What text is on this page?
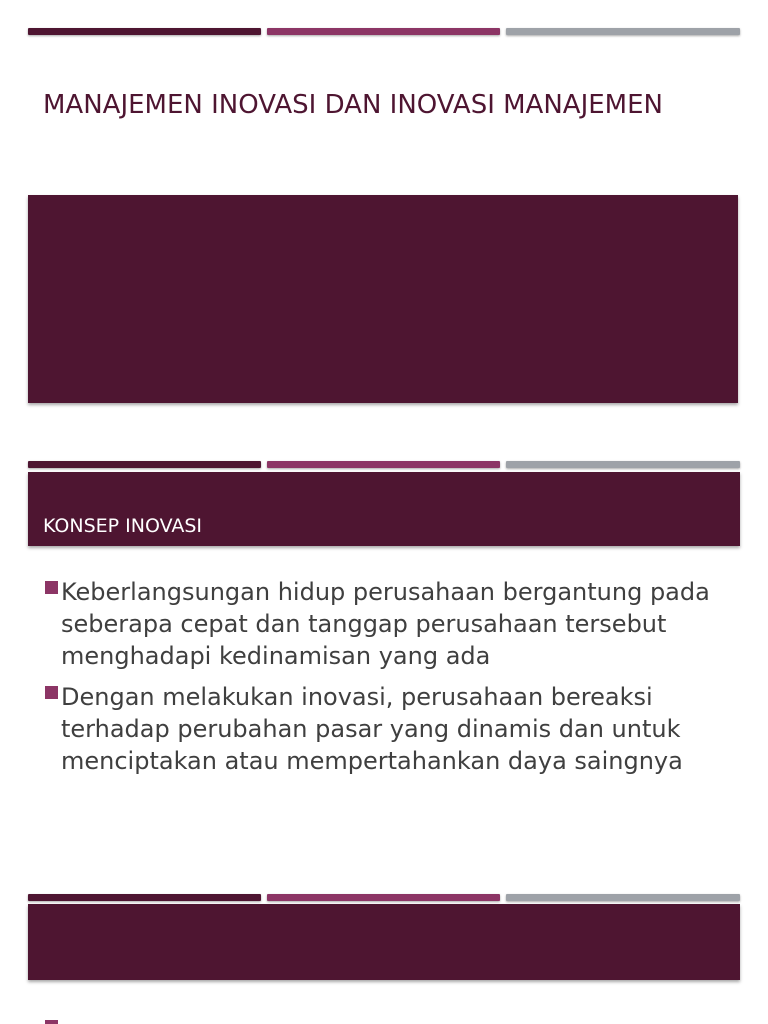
MANAJEMEN INOVASI DAN INOVASI MANAJEMEN
KONSEP INOVASI
Keberlangsungan hidup perusahaan bergantung pada seberapa cepat dan tanggap perusahaan tersebut menghadapi kedinamisan yang ada
Dengan melakukan inovasi, perusahaan bereaksi terhadap perubahan pasar yang dinamis dan untuk menciptakan atau mempertahankan daya saingnya
